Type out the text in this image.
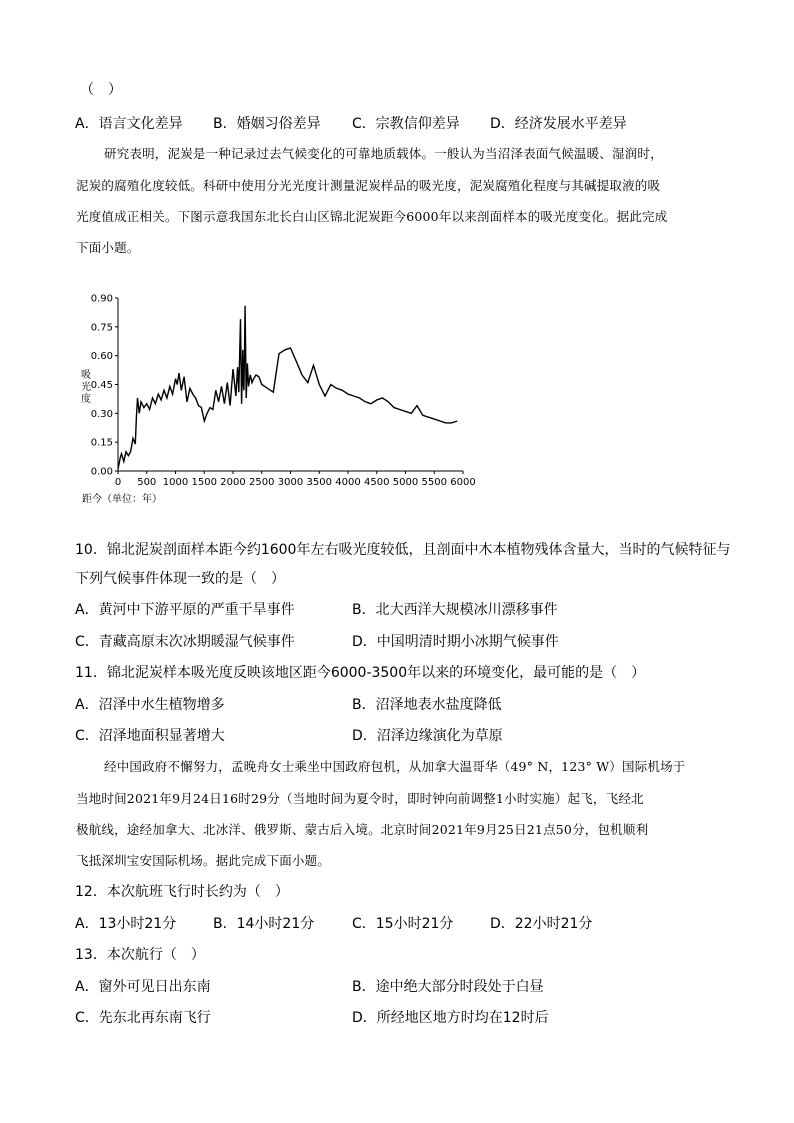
（　）
A．语言文化差异 B．婚姻习俗差异 C．宗教信仰差异 D．经济发展水平差异
研究表明，泥炭是一种记录过去气候变化的可靠地质载体。一般认为当沼泽表面气候温暖、湿润时，
泥炭的腐殖化度较低。科研中使用分光光度计测量泥炭样品的吸光度，泥炭腐殖化程度与其碱提取液的吸
光度值成正相关。下图示意我国东北长白山区锦北泥炭距今6000年以来剖面样本的吸光度变化。据此完成
下面小题。
0.00
0.15
0.30
0.45
0.60
0.75
0.90
0 500 1000 1500 2000 2500 3000 3500 4000 4500 5000 5500 6000
吸光度
距今（单位：年）
10．锦北泥炭剖面样本距今约1600年左右吸光度较低，且剖面中木本植物残体含量大，当时的气候特征与
下列气候事件体现一致的是（　）
A．黄河中下游平原的严重干旱事件	B．北大西洋大规模冰川漂移事件
C．青藏高原末次冰期暖湿气候事件	D．中国明清时期小冰期气候事件
11．锦北泥炭样本吸光度反映该地区距今6000-3500年以来的环境变化，最可能的是（　）
A．沼泽中水生植物增多	B．沼泽地表水盐度降低
C．沼泽地面积显著增大	D．沼泽边缘演化为草原
经中国政府不懈努力，孟晚舟女士乘坐中国政府包机，从加拿大温哥华（49° N，123° W）国际机场于
当地时间2021年9月24日16时29分（当地时间为夏令时，即时钟向前调整1小时实施）起飞，飞经北
极航线，途经加拿大、北冰洋、俄罗斯、蒙古后入境。北京时间2021年9月25日21点50分，包机顺利
飞抵深圳宝安国际机场。据此完成下面小题。
12．本次航班飞行时长约为（　）
A．13小时21分	B．14小时21分	C．15小时21分	D．22小时21分
13．本次航行（　）
A．窗外可见日出东南	B．途中绝大部分时段处于白昼
C．先东北再东南飞行	D．所经地区地方时均在12时后
